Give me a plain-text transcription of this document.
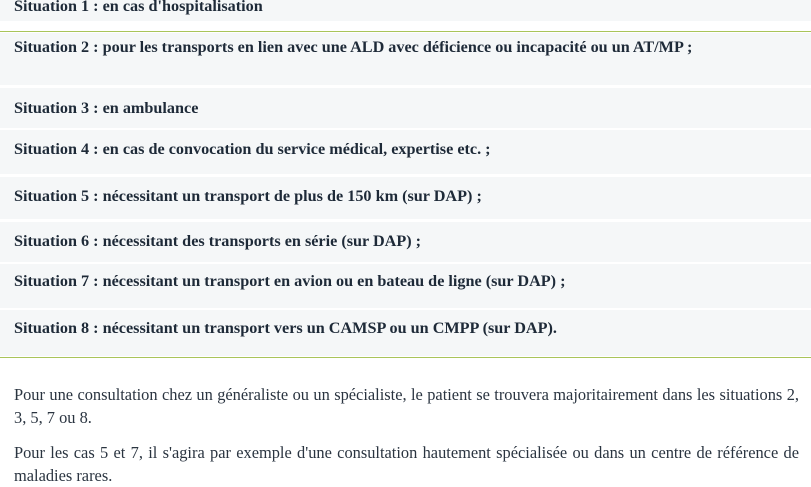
Situation 1 : en cas d'hospitalisation
Situation 2 : pour les transports en lien avec une ALD avec déficience ou incapacité ou un AT/MP ;
Situation 3 : en ambulance
Situation 4 : en cas de convocation du service médical, expertise etc. ;
Situation 5 : nécessitant un transport de plus de 150 km (sur DAP) ;
Situation 6 : nécessitant des transports en série (sur DAP) ;
Situation 7 : nécessitant un transport en avion ou en bateau de ligne (sur DAP) ;
Situation 8 : nécessitant un transport vers un CAMSP ou un CMPP (sur DAP).

Pour une consultation chez un généraliste ou un spécialiste, le patient se trouvera majoritairement dans les situations 2, 3, 5, 7 ou 8.

Pour les cas 5 et 7, il s'agira par exemple d'une consultation hautement spécialisée ou dans un centre de référence de maladies rares.
